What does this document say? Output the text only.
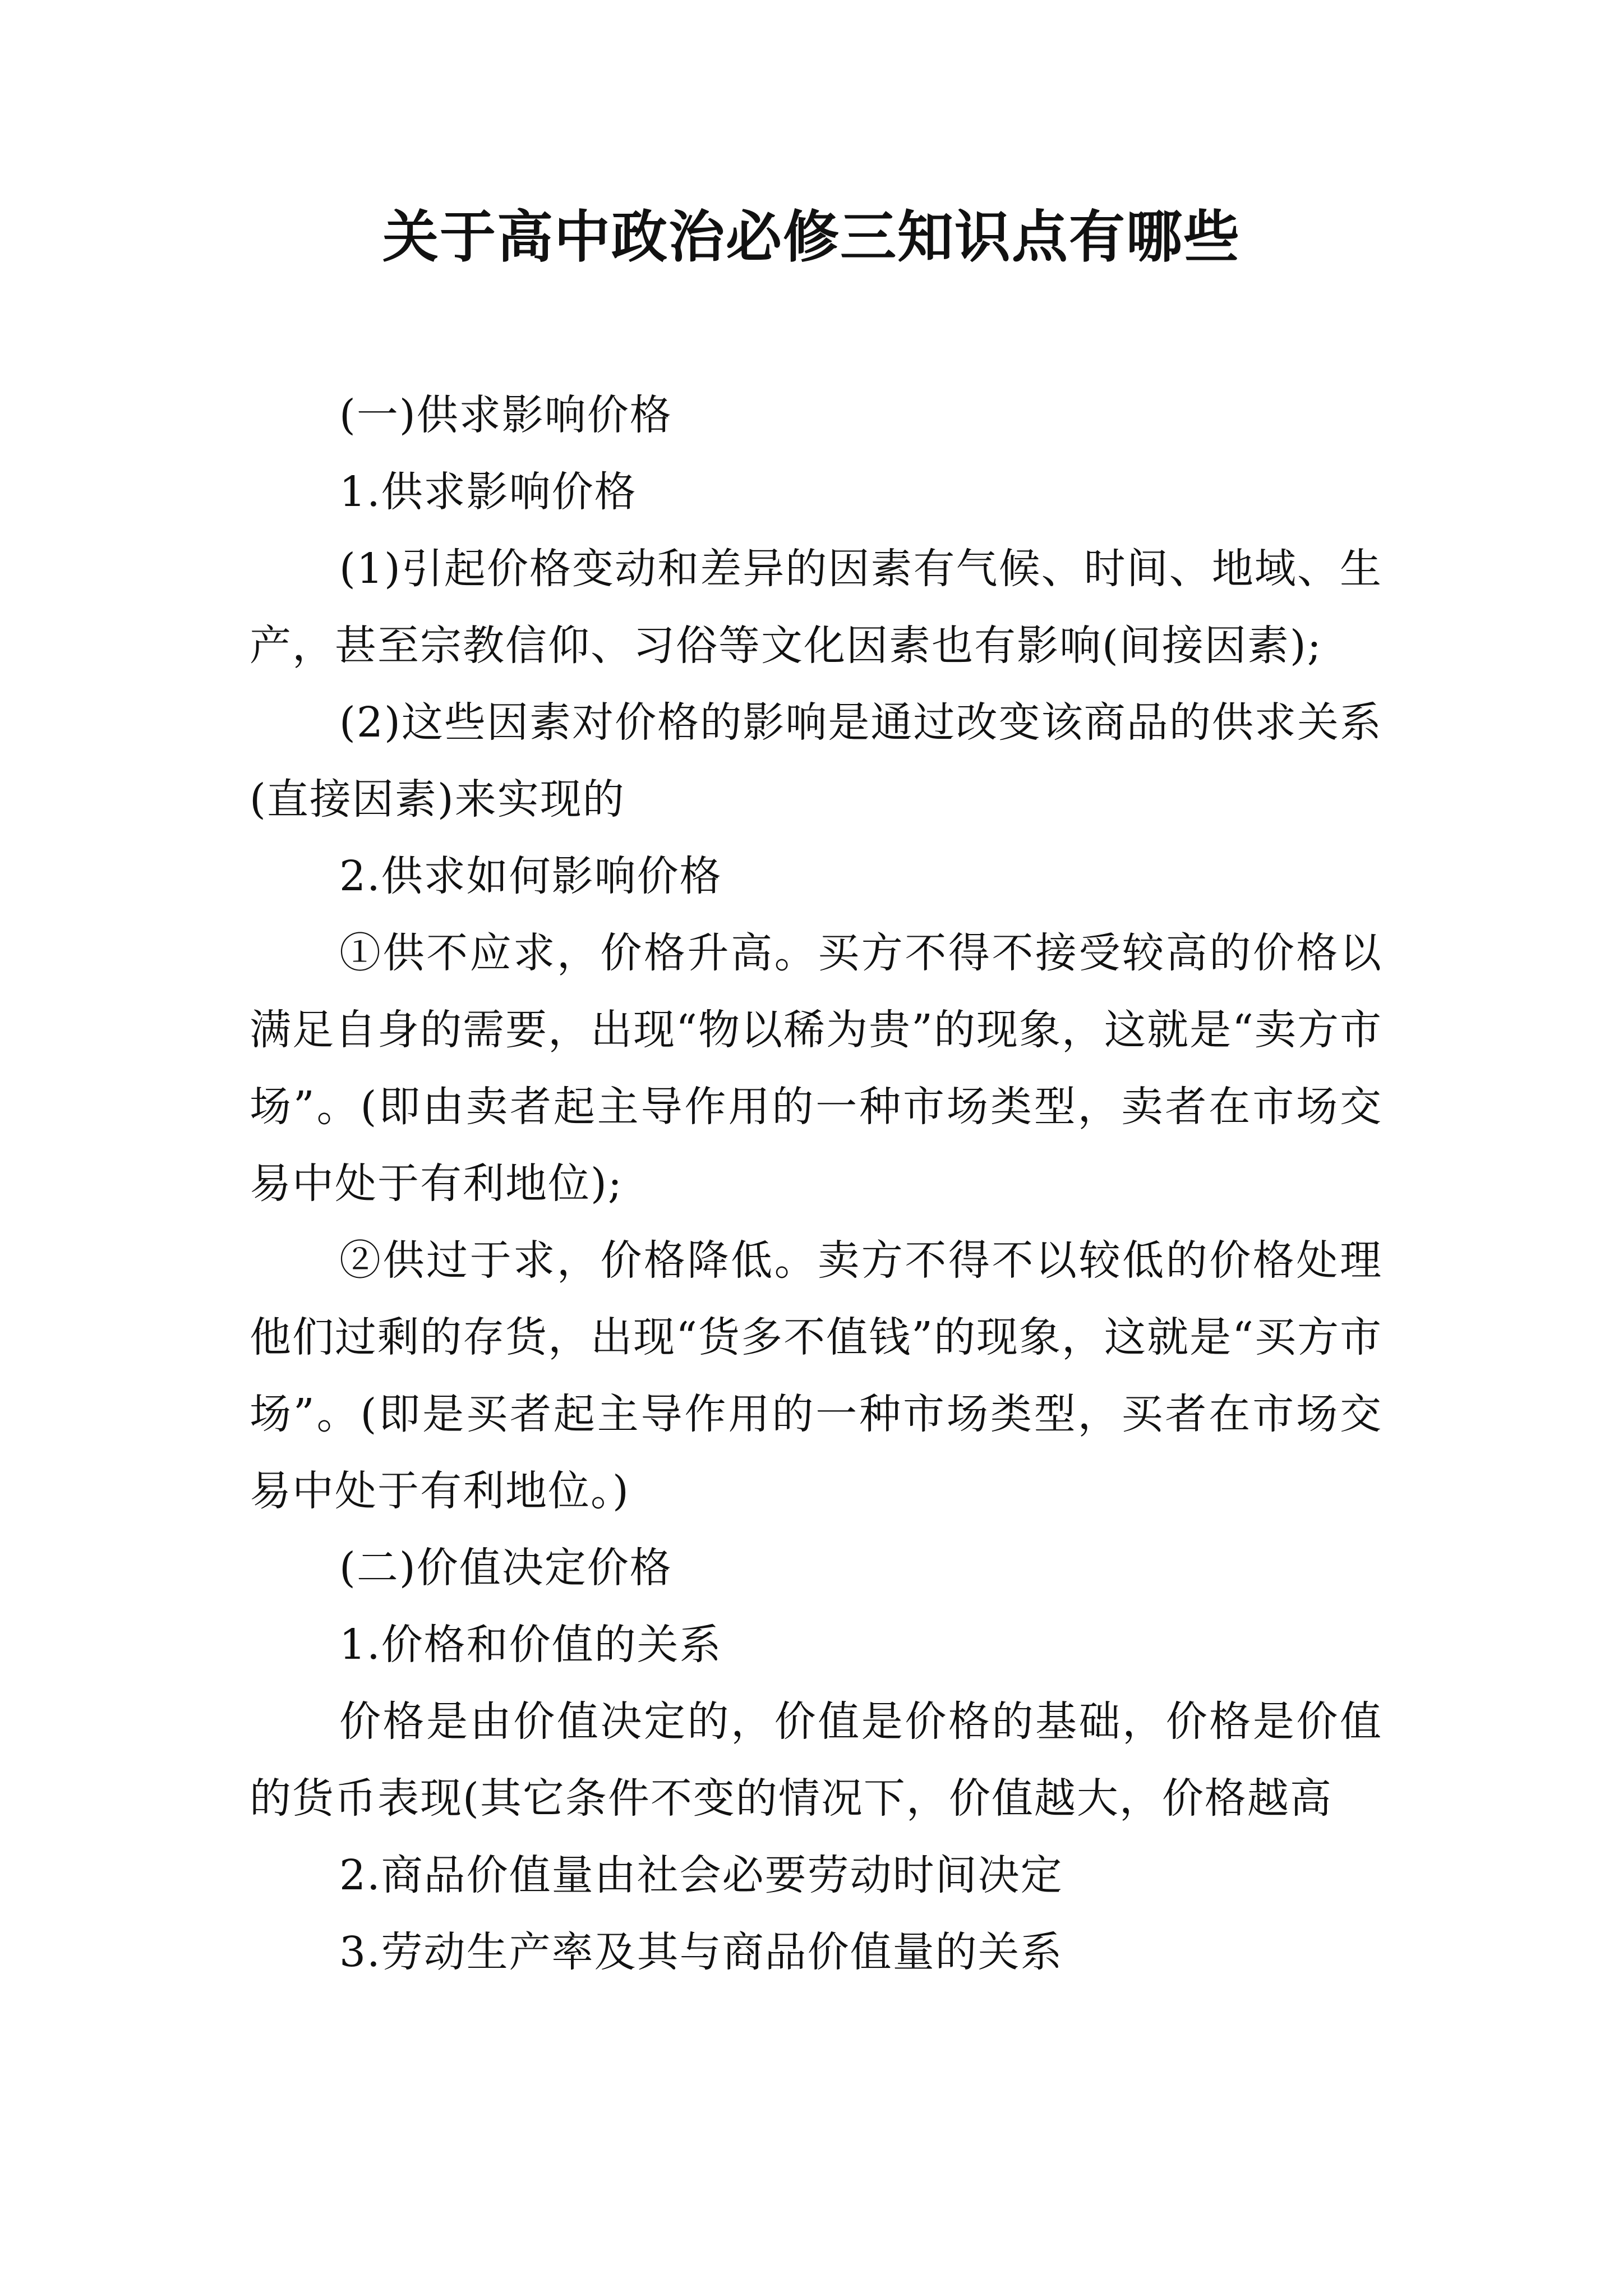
关于高中政治必修三知识点有哪些

(一)供求影响价格

1.供求影响价格

(1)引起价格变动和差异的因素有气候、时间、地域、生产，甚至宗教信仰、习俗等文化因素也有影响(间接因素);

(2)这些因素对价格的影响是通过改变该商品的供求关系(直接因素)来实现的

2.供求如何影响价格

①供不应求，价格升高。买方不得不接受较高的价格以满足自身的需要，出现“物以稀为贵”的现象，这就是“卖方市场”。(即由卖者起主导作用的一种市场类型，卖者在市场交易中处于有利地位);

②供过于求，价格降低。卖方不得不以较低的价格处理他们过剩的存货，出现“货多不值钱”的现象，这就是“买方市场”。(即是买者起主导作用的一种市场类型，买者在市场交易中处于有利地位。)

(二)价值决定价格

1.价格和价值的关系

价格是由价值决定的，价值是价格的基础，价格是价值的货币表现(其它条件不变的情况下，价值越大，价格越高

2.商品价值量由社会必要劳动时间决定

3.劳动生产率及其与商品价值量的关系
